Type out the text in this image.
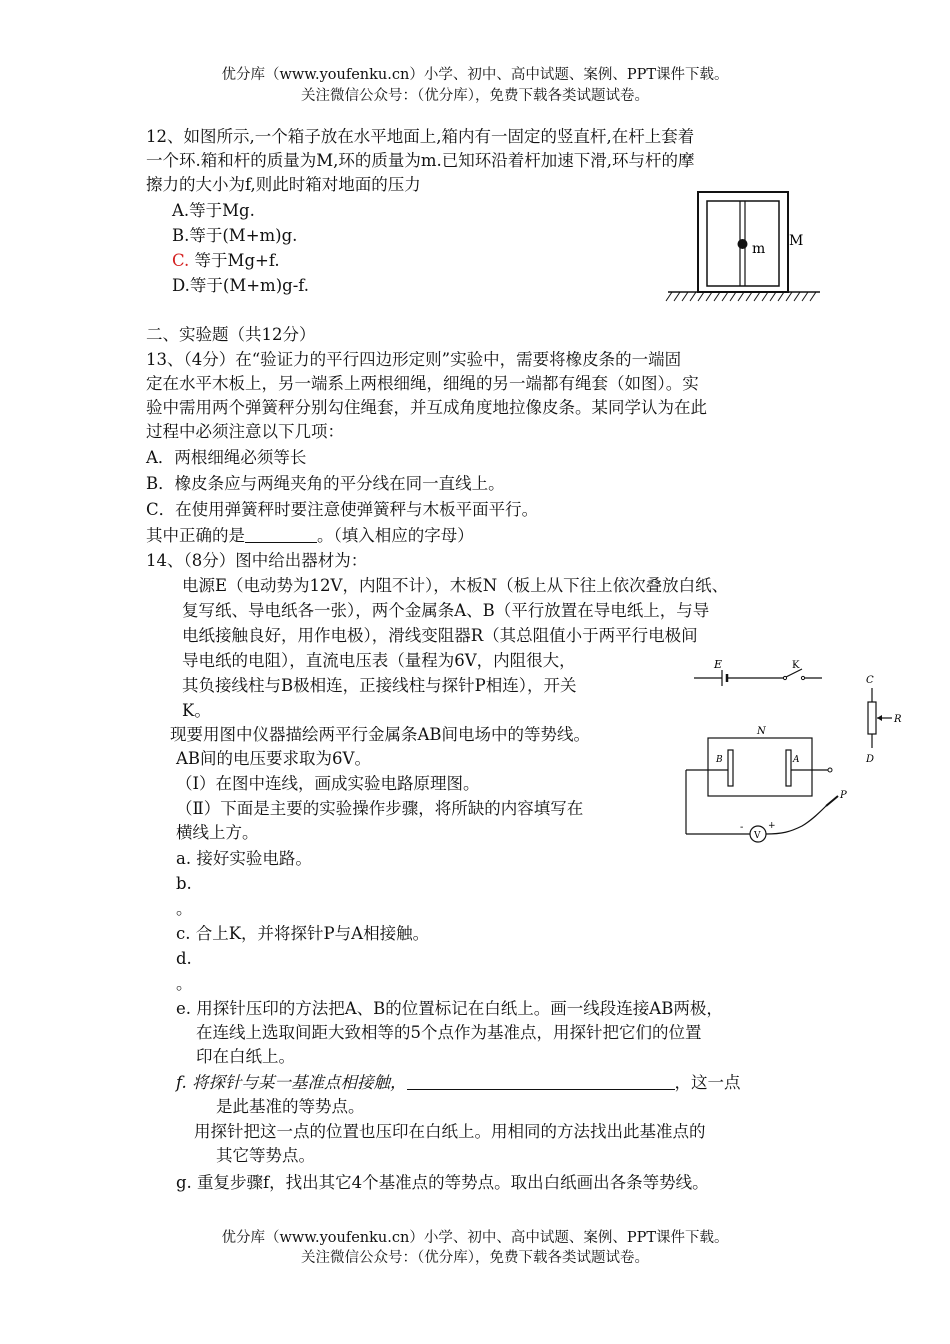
优分库（www.youfenku.cn）小学、初中、高中试题、案例、PPT课件下载。
关注微信公众号：（优分库），免费下载各类试题试卷。
12、如图所示,一个箱子放在水平地面上,箱内有一固定的竖直杆,在杆上套着
一个环.箱和杆的质量为M,环的质量为m.已知环沿着杆加速下滑,环与杆的摩
擦力的大小为f,则此时箱对地面的压力
A.等于Mg.
B.等于(M+m)g.
C. 等于Mg+f.
D.等于(M+m)g-f.
m M
二、实验题（共12分）
13、（4分）在“验证力的平行四边形定则”实验中，需要将橡皮条的一端固
定在水平木板上，另一端系上两根细绳，细绳的另一端都有绳套（如图）。实
验中需用两个弹簧秤分别勾住绳套，并互成角度地拉像皮条。某同学认为在此
过程中必须注意以下几项：
A．两根细绳必须等长
B．橡皮条应与两绳夹角的平分线在同一直线上。
C．在使用弹簧秤时要注意使弹簧秤与木板平面平行。
其中正确的是	。（填入相应的字母）
14、（8分）图中给出器材为：
电源E（电动势为12V，内阻不计），木板N（板上从下往上依次叠放白纸、
复写纸、导电纸各一张），两个金属条A、B（平行放置在导电纸上，与导
电纸接触良好，用作电极），滑线变阻器R（其总阻值小于两平行电极间
导电纸的电阻），直流电压表（量程为6V，内阻很大，
其负接线柱与B极相连，正接线柱与探针P相连），开关
K。
现要用图中仪器描绘两平行金属条AB间电场中的等势线。
AB间的电压要求取为6V。
（Ⅰ）在图中连线，画成实验电路原理图。
（Ⅱ）下面是主要的实验操作步骤，将所缺的内容填写在
横线上方。
a. 接好实验电路。
b.
。
c. 合上K，并将探针P与A相接触。
d.
。
e. 用探针压印的方法把A、B的位置标记在白纸上。画一线段连接AB两极，
在连线上选取间距大致相等的5个点作为基准点，用探针把它们的位置
印在白纸上。
f. 将探针与某一基准点相接触，	，这一点
是此基准的等势点。
用探针把这一点的位置也压印在白纸上。用相同的方法找出此基准点的
其它等势点。
g. 重复步骤f，找出其它4个基准点的等势点。取出白纸画出各条等势线。
E	K
C
R
D
N
B	A
-
V
+
P
优分库（www.youfenku.cn）小学、初中、高中试题、案例、PPT课件下载。
关注微信公众号：（优分库），免费下载各类试题试卷。
